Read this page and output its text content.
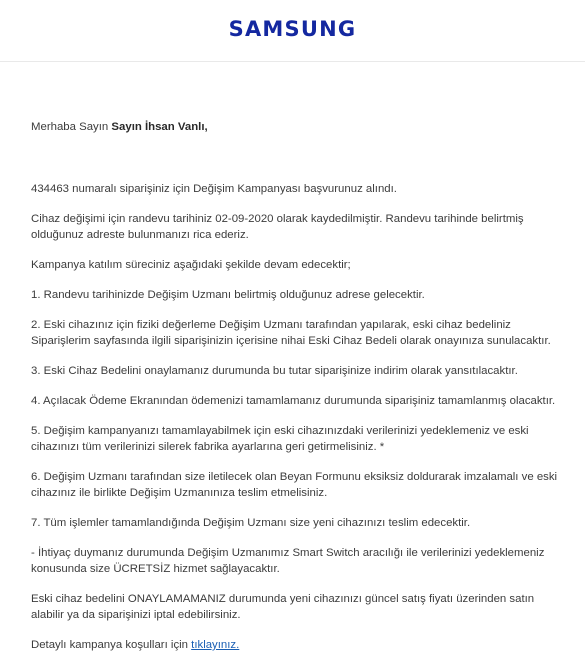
SAMSUNG

Merhaba Sayın Sayın İhsan Vanlı,

434463 numaralı siparişiniz için Değişim Kampanyası başvurunuz alındı.

Cihaz değişimi için randevu tarihiniz 02-09-2020 olarak kaydedilmiştir. Randevu tarihinde belirtmiş olduğunuz adreste bulunmanızı rica ederiz.

Kampanya katılım süreciniz aşağıdaki şekilde devam edecektir;

1. Randevu tarihinizde Değişim Uzmanı belirtmiş olduğunuz adrese gelecektir.

2. Eski cihazınız için fiziki değerleme Değişim Uzmanı tarafından yapılarak, eski cihaz bedeliniz Siparişlerim sayfasında ilgili siparişinizin içerisine nihai Eski Cihaz Bedeli olarak onayınıza sunulacaktır.

3. Eski Cihaz Bedelini onaylamanız durumunda bu tutar siparişinize indirim olarak yansıtılacaktır.

4. Açılacak Ödeme Ekranından ödemenizi tamamlamanız durumunda siparişiniz tamamlanmış olacaktır.

5. Değişim kampanyanızı tamamlayabilmek için eski cihazınızdaki verilerinizi yedeklemeniz ve eski cihazınızı tüm verilerinizi silerek fabrika ayarlarına geri getirmelisiniz. *

6. Değişim Uzmanı tarafından size iletilecek olan Beyan Formunu eksiksiz doldurarak imzalamalı ve eski cihazınız ile birlikte Değişim Uzmanınıza teslim etmelisiniz.

7. Tüm işlemler tamamlandığında Değişim Uzmanı size yeni cihazınızı teslim edecektir.

- İhtiyaç duymanız durumunda Değişim Uzmanımız Smart Switch aracılığı ile verilerinizi yedeklemeniz konusunda size ÜCRETSİZ hizmet sağlayacaktır.

Eski cihaz bedelini ONAYLAMAMANIZ durumunda yeni cihazınızı güncel satış fiyatı üzerinden satın alabilir ya da siparişinizi iptal edebilirsiniz.

Detaylı kampanya koşulları için tıklayınız.
